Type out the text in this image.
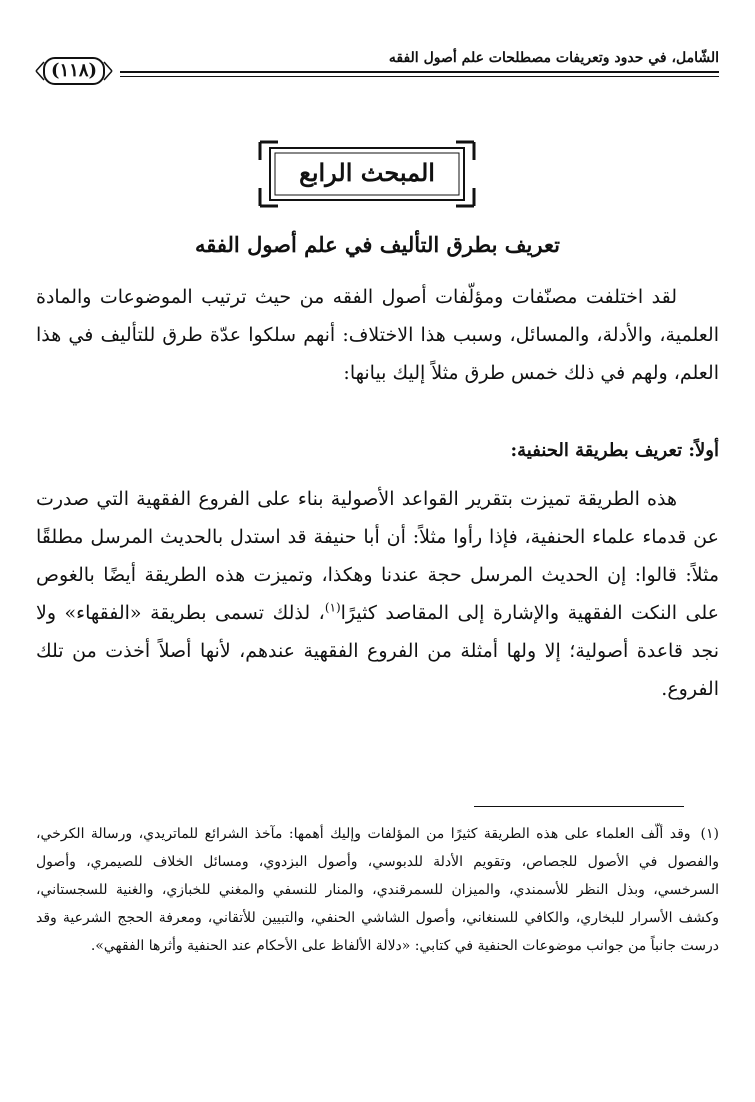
الشّامل، في حدود وتعريفات مصطلحات علم أصول الفقه
(١١٨)
المبحث الرابع
تعريف بطرق التأليف في علم أصول الفقه
لقد اختلفت مصنّفات ومؤلّفات أصول الفقه من حيث ترتيب الموضوعات والمادة العلمية، والأدلة، والمسائل، وسبب هذا الاختلاف: أنهم سلكوا عدّة طرق للتأليف في هذا العلم، ولهم في ذلك خمس طرق مثلاً إليك بيانها:
أولاً: تعريف بطريقة الحنفية:
هذه الطريقة تميزت بتقرير القواعد الأصولية بناء على الفروع الفقهية التي صدرت عن قدماء علماء الحنفية، فإذا رأوا مثلاً: أن أبا حنيفة قد استدل بالحديث المرسل مطلقًا مثلاً: قالوا: إن الحديث المرسل حجة عندنا وهكذا، وتميزت هذه الطريقة أيضًا بالغوص على النكت الفقهية والإشارة إلى المقاصد كثيرًا$^{(١)}$، لذلك تسمى بطريقة «الفقهاء» ولا نجد قاعدة أصولية؛ إلا ولها أمثلة من الفروع الفقهية عندهم، لأنها أصلاً أخذت من تلك الفروع.
(١)وقد ألّف العلماء على هذه الطريقة كثيرًا من المؤلفات وإليك أهمها: مآخذ الشرائع للماتريدي، ورسالة الكرخي، والفصول في الأصول للجصاص، وتقويم الأدلة للدبوسي، وأصول البزدوي، ومسائل الخلاف للصيمري، وأصول السرخسي، وبذل النظر للأسمندي، والميزان للسمرقندي، والمنار للنسفي والمغني للخبازي، والغنية للسجستاني، وكشف الأسرار للبخاري، والكافي للسنغاني، وأصول الشاشي الحنفي، والتبيين للأتقاني، ومعرفة الحجج الشرعية وقد درست جانباً من جوانب موضوعات الحنفية في كتابي: «دلالة الألفاظ على الأحكام عند الحنفية وأثرها الفقهي».
